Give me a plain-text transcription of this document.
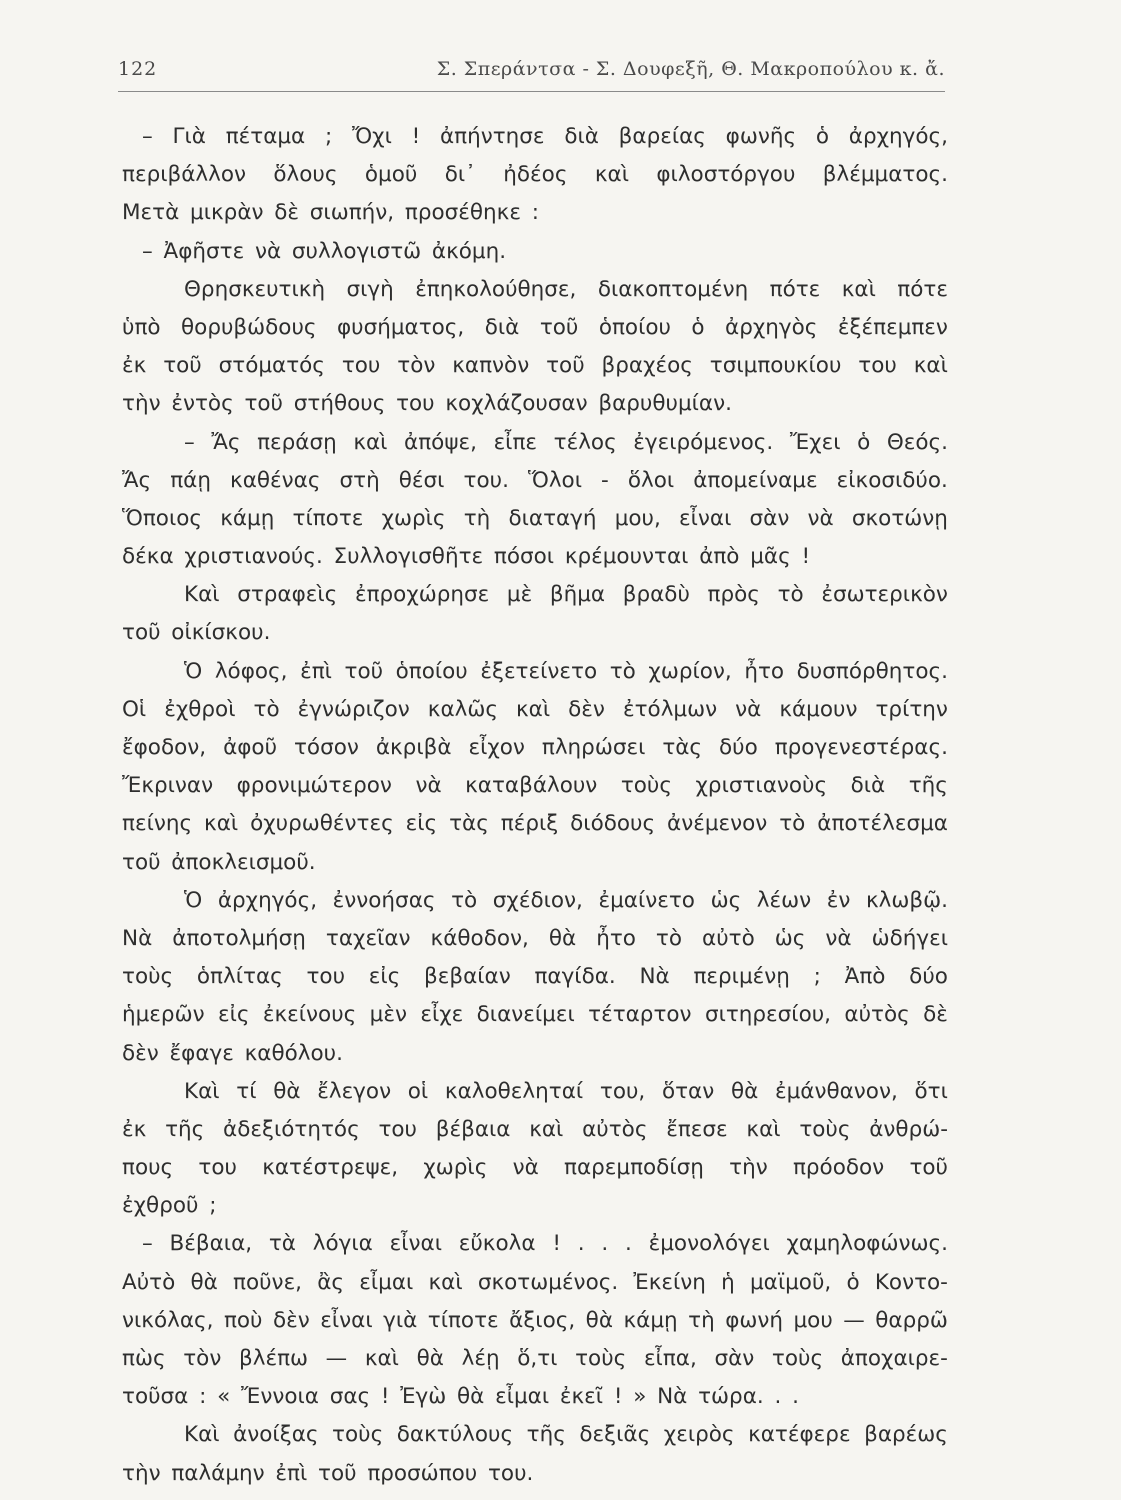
122	Σ. Σπεράντσα - Σ. Δουφεξῆ, Θ. Μακροπούλου κ. ἄ.
– Γιὰ πέταμα ; Ὄχι ! ἀπήντησε διὰ βαρείας φωνῆς ὁ ἀρχηγός,
περιβάλλον ὅλους ὁμοῦ δι᾽ ἠδέος καὶ φιλοστόργου βλέμματος.
Μετὰ μικρὰν δὲ σιωπήν, προσέθηκε :
– Ἀφῆστε νὰ συλλογιστῶ ἀκόμη.
Θρησκευτικὴ σιγὴ ἐπηκολούθησε, διακοπτομένη πότε καὶ πότε
ὑπὸ θορυβώδους φυσήματος, διὰ τοῦ ὁποίου ὁ ἀρχηγὸς ἐξέπεμπεν
ἐκ τοῦ στόματός του τὸν καπνὸν τοῦ βραχέος τσιμπουκίου του καὶ
τὴν ἐντὸς τοῦ στήθους του κοχλάζουσαν βαρυθυμίαν.
– Ἄς περάσῃ καὶ ἀπόψε, εἶπε τέλος ἐγειρόμενος. Ἔχει ὁ Θεός.
Ἄς πάῃ καθένας στὴ θέσι του. Ὅλοι - ὅλοι ἀπομείναμε εἰκοσιδύο.
Ὅποιος κάμῃ τίποτε χωρὶς τὴ διαταγή μου, εἶναι σὰν νὰ σκοτώνῃ
δέκα χριστιανούς. Συλλογισθῆτε πόσοι κρέμουνται ἀπὸ μᾶς !
Καὶ στραφεὶς ἐπροχώρησε μὲ βῆμα βραδὺ πρὸς τὸ ἐσωτερικὸν
τοῦ οἰκίσκου.
Ὁ λόφος, ἐπὶ τοῦ ὁποίου ἐξετείνετο τὸ χωρίον, ἦτο δυσπόρθητος.
Οἱ ἐχθροὶ τὸ ἐγνώριζον καλῶς καὶ δὲν ἐτόλμων νὰ κάμουν τρίτην
ἔφοδον, ἀφοῦ τόσον ἀκριβὰ εἶχον πληρώσει τὰς δύο προγενεστέρας.
Ἔκριναν φρονιμώτερον νὰ καταβάλουν τοὺς χριστιανοὺς διὰ τῆς
πείνης καὶ ὀχυρωθέντες εἰς τὰς πέριξ διόδους ἀνέμενον τὸ ἀποτέλεσμα
τοῦ ἀποκλεισμοῦ.
Ὁ ἀρχηγός, ἐννοήσας τὸ σχέδιον, ἐμαίνετο ὡς λέων ἐν κλωβῷ.
Νὰ ἀποτολμήσῃ ταχεῖαν κάθοδον, θὰ ἦτο τὸ αὐτὸ ὡς νὰ ὡδήγει
τοὺς ὁπλίτας του εἰς βεβαίαν παγίδα. Νὰ περιμένῃ ; Ἀπὸ δύο
ἡμερῶν εἰς ἐκείνους μὲν εἶχε διανείμει τέταρτον σιτηρεσίου, αὐτὸς δὲ
δὲν ἔφαγε καθόλου.
Καὶ τί θὰ ἔλεγον οἱ καλοθεληταί του, ὅταν θὰ ἐμάνθανον, ὅτι
ἐκ τῆς ἀδεξιότητός του βέβαια καὶ αὐτὸς ἔπεσε καὶ τοὺς ἀνθρώ-
πους του κατέστρεψε, χωρὶς νὰ παρεμποδίσῃ τὴν πρόοδον τοῦ
ἐχθροῦ ;
– Βέβαια, τὰ λόγια εἶναι εὔκολα ! . . . ἐμονολόγει χαμηλοφώνως.
Αὐτὸ θὰ ποῦνε, ἂς εἶμαι καὶ σκοτωμένος. Ἐκείνη ἡ μαϊμοῦ, ὁ Κοντο-
νικόλας, ποὺ δὲν εἶναι γιὰ τίποτε ἄξιος, θὰ κάμῃ τὴ φωνή μου — θαρρῶ
πὼς τὸν βλέπω — καὶ θὰ λέῃ ὅ,τι τοὺς εἶπα, σὰν τοὺς ἀποχαιρε-
τοῦσα : « Ἔννοια σας ! Ἐγὼ θὰ εἶμαι ἐκεῖ ! » Νὰ τώρα. . .
Καὶ ἀνοίξας τοὺς δακτύλους τῆς δεξιᾶς χειρὸς κατέφερε βαρέως
τὴν παλάμην ἐπὶ τοῦ προσώπου του.
